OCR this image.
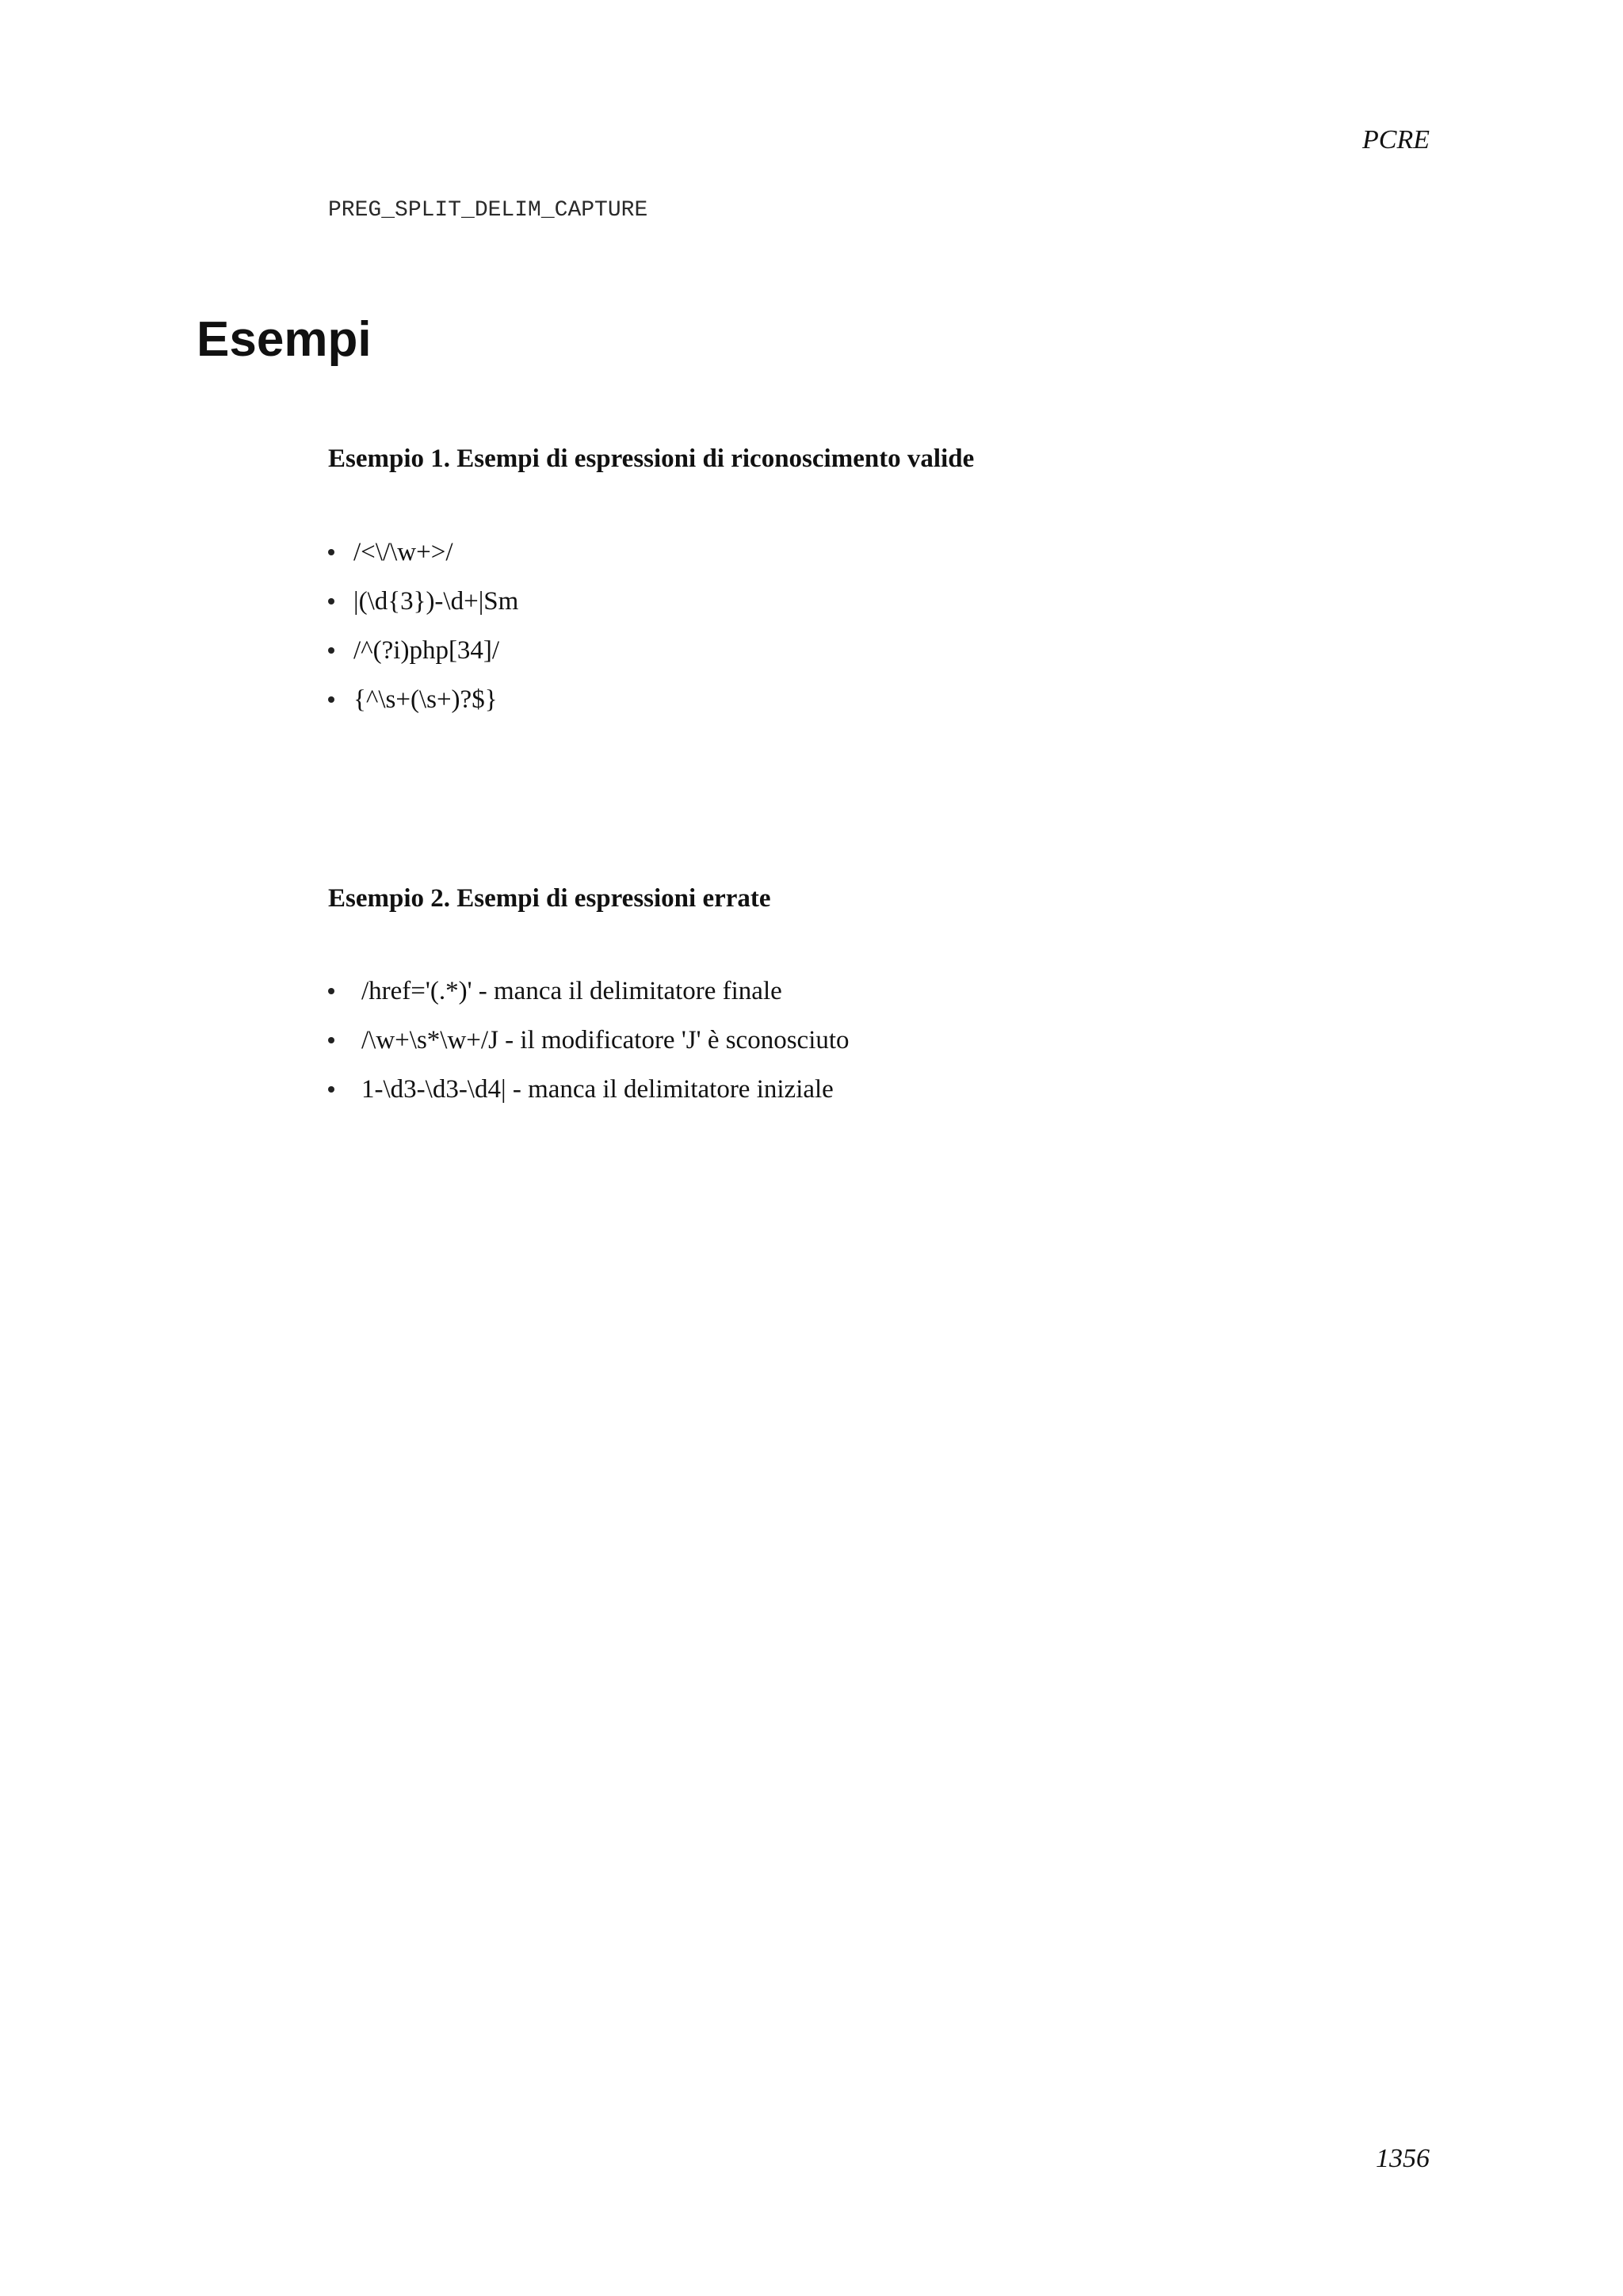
PCRE
PREG_SPLIT_DELIM_CAPTURE
Esempi
Esempio 1. Esempi di espressioni di riconoscimento valide
/<\/\w+>/
|(\d{3})-\d+|Sm
/^(?i)php[34]/
{^\s+(\s+)?$}
Esempio 2. Esempi di espressioni errate
/href='(.*)' - manca il delimitatore finale
/\w+\s*\w+/J - il modificatore 'J' è sconosciuto
1-\d3-\d3-\d4| - manca il delimitatore iniziale
1356
